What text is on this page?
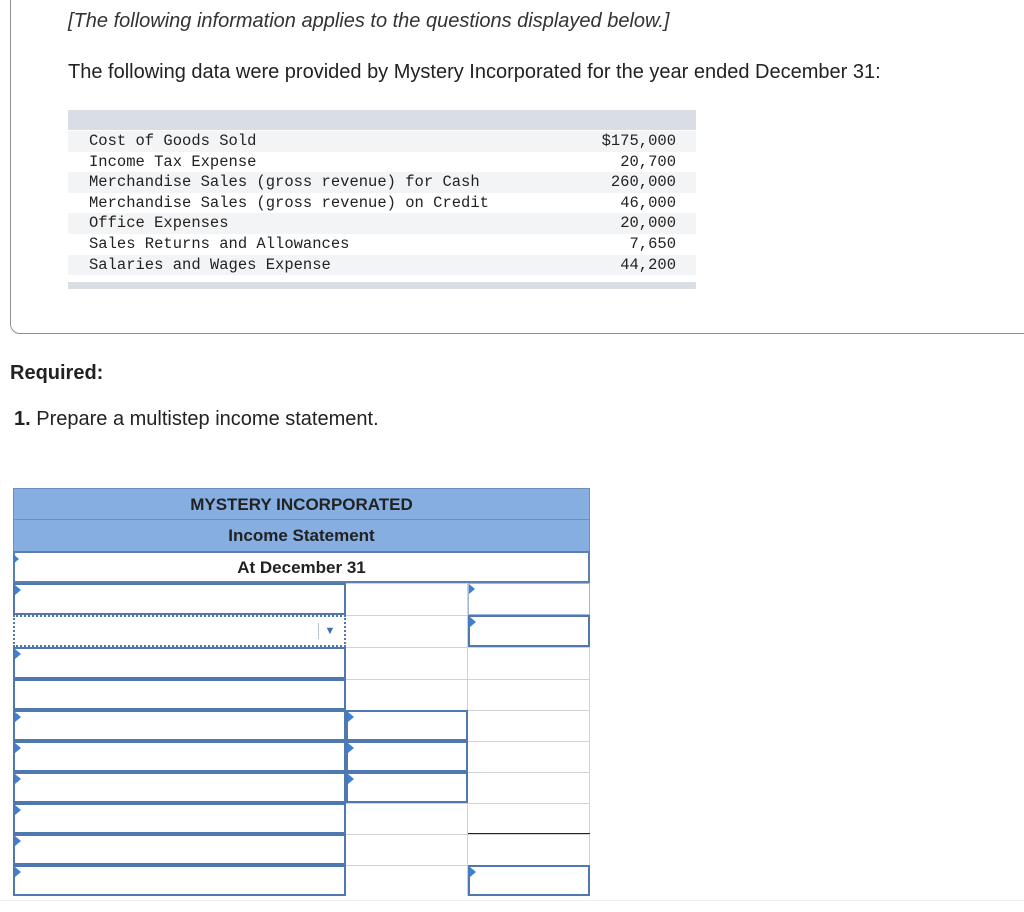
[The following information applies to the questions displayed below.]
The following data were provided by Mystery Incorporated for the year ended December 31:
Cost of Goods Sold	$175,000
Income Tax Expense	20,700
Merchandise Sales (gross revenue) for Cash	260,000
Merchandise Sales (gross revenue) on Credit	46,000
Office Expenses	20,000
Sales Returns and Allowances	7,650
Salaries and Wages Expense	44,200
Required:
1. Prepare a multistep income statement.
MYSTERY INCORPORATED
Income Statement
At December 31
▼
